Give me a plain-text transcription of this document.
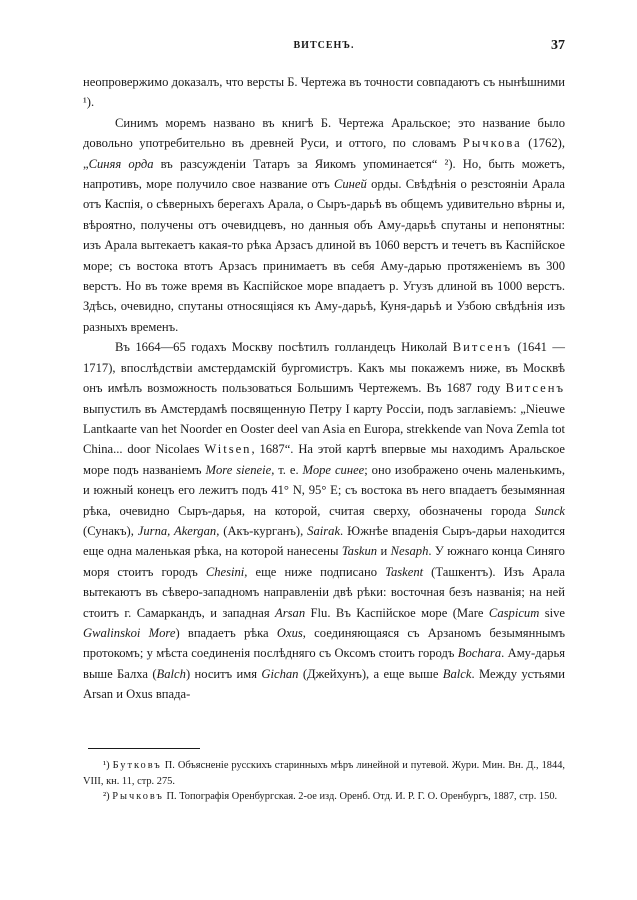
ВИТСЕНЪ.	37

неопровержимо доказалъ, что версты Б. Чертежа въ точности совпадаютъ съ нынѣшними ¹).

Синимъ моремъ названо въ книгѣ Б. Чертежа Аральское; это название было довольно употребительно въ древней Руси, и оттого, по словамъ Рычкова (1762), „Синяя орда въ разсужденіи Татаръ за Яикомъ упоминается“ ²). Но, быть можетъ, напротивъ, море получило свое название отъ Синей орды. Свѣдѣнія о резстояніи Арала отъ Каспія, о сѣверныхъ берегахъ Арала, о Сыръ-дарьѣ въ общемъ удивительно вѣрны и, вѣроятно, получены отъ очевидцевъ, но данныя объ Аму-дарьѣ спутаны и непонятны: изъ Арала вытекаетъ какая-то рѣка Арзасъ длиной въ 1060 верстъ и течетъ въ Каспійское море; съ востока втотъ Арзасъ принимаетъ въ себя Аму-дарью протяженіемъ въ 300 верстъ. Но въ тоже время въ Каспійское море впадаетъ р. Угузъ длиной въ 1000 верстъ. Здѣсь, очевидно, спутаны относящіяся къ Аму-дарьѣ, Куня-дарьѣ и Узбою свѣдѣнія изъ разныхъ временъ.

Въ 1664—65 годахъ Москву посѣтилъ голландецъ Николай Витсенъ (1641 — 1717), впослѣдствіи амстердамскій бургомистръ. Какъ мы покажемъ ниже, въ Москвѣ онъ имѣлъ возможность пользоваться Большимъ Чертежемъ. Въ 1687 году Витсенъ выпустилъ въ Амстердамѣ посвященную Петру I карту Россіи, подъ заглавіемъ: „Nieuwe Lantkaarte van het Noorder en Ooster deel van Asia en Europa, strekkende van Nova Zemla tot China... door Nicolaes Witsen, 1687“. На этой картѣ впервые мы находимъ Аральское море подъ названіемъ More sieneie, т. е. Море синее; оно изображено очень маленькимъ, и южный конецъ его лежитъ подъ 41° N, 95° E; съ востока въ него впадаетъ безымянная рѣка, очевидно Сыръ-дарья, на которой, считая сверху, обозначены города Sunck (Сунакъ), Jurna, Akergan, (Акъ-курганъ), Sairak. Южнѣе впаденія Сыръ-дарьи находится еще одна маленькая рѣка, на которой нанесены Taskun и Nesaph. У южнаго конца Синяго моря стоитъ городъ Chesini, еще ниже подписано Taskent (Ташкентъ). Изъ Арала вытекаютъ въ сѣверо-западномъ направленіи двѣ рѣки: восточная безъ названія; на ней стоитъ г. Самаркандъ, и западная Arsan Flu. Въ Каспійское море (Mare Caspicum sive Gwalinskoi More) впадаетъ рѣка Oxus, соединяющаяся съ Арзаномъ безымяннымъ протокомъ; у мѣста соединенія послѣдняго съ Оксомъ стоитъ городъ Bochara. Аму-дарья выше Балха (Balch) носитъ имя Gichan (Джейхунъ), а еще выше Balck. Между устьями Arsan и Oxus впада-

¹) Бутковъ П. Объясненіе русскихъ старинныхъ мѣръ линейной и путевой. Жури. Мин. Вн. Д., 1844, VIII, кн. 11, стр. 275.

²) Рычковъ П. Топографія Оренбургская. 2-ое изд. Оренб. Отд. И. Р. Г. О. Оренбургъ, 1887, стр. 150.
